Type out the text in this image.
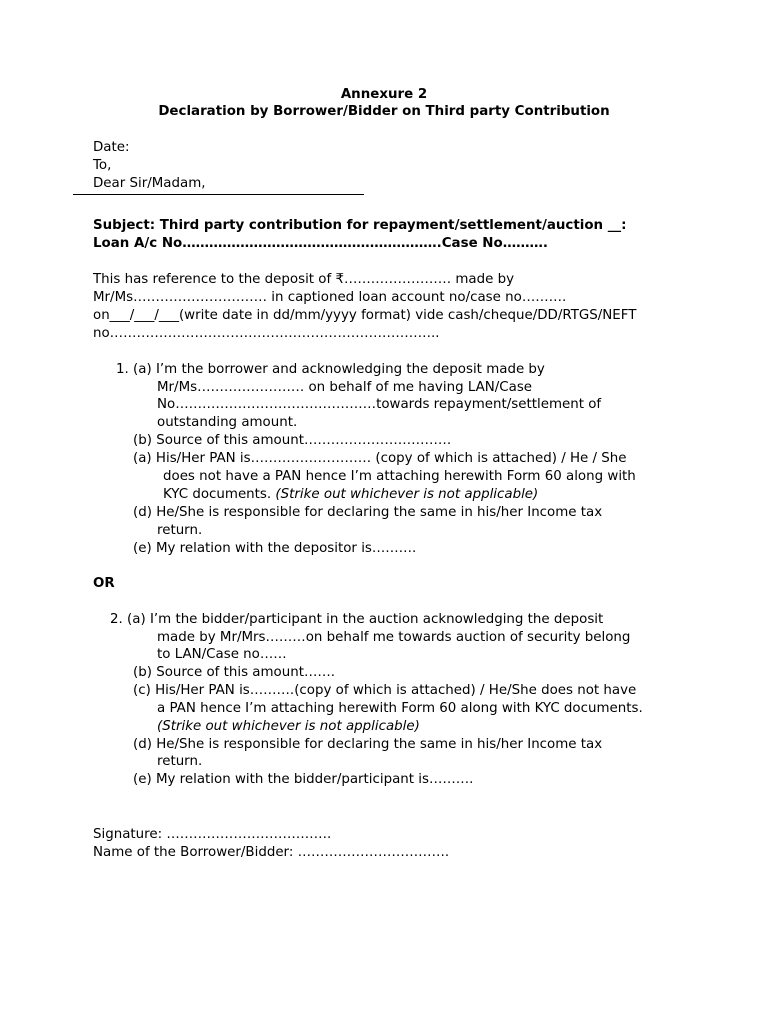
Annexure 2
Declaration by Borrower/Bidder on Third party Contribution
Date:
To,
Dear Sir/Madam,
Subject: Third party contribution for repayment/settlement/auction __:
Loan A/c No………………………………………………….Case No……….
This has reference to the deposit of ₹…………………… made by
Mr/Ms………………………… in captioned loan account no/case no……….
on___/___/___(write date in dd/mm/yyyy format) vide cash/cheque/DD/RTGS/NEFT
no………………………………………………………………..
1. (a) I’m the borrower and acknowledging the deposit made by
Mr/Ms…………………… on behalf of me having LAN/Case
No………………………………………towards repayment/settlement of
outstanding amount.
(b) Source of this amount……………………………
(a) His/Her PAN is……………………… (copy of which is attached) / He / She
does not have a PAN hence I’m attaching herewith Form 60 along with
KYC documents. (Strike out whichever is not applicable)
(d) He/She is responsible for declaring the same in his/her Income tax
return.
(e) My relation with the depositor is……….
OR
2. (a) I’m the bidder/participant in the auction acknowledging the deposit
made by Mr/Mrs………on behalf me towards auction of security belong
to LAN/Case no……
(b) Source of this amount…….
(c) His/Her PAN is……….(copy of which is attached) / He/She does not have
a PAN hence I’m attaching herewith Form 60 along with KYC documents.
(Strike out whichever is not applicable)
(d) He/She is responsible for declaring the same in his/her Income tax
return.
(e) My relation with the bidder/participant is……….
Signature: ……………………………….
Name of the Borrower/Bidder: …………………………….
